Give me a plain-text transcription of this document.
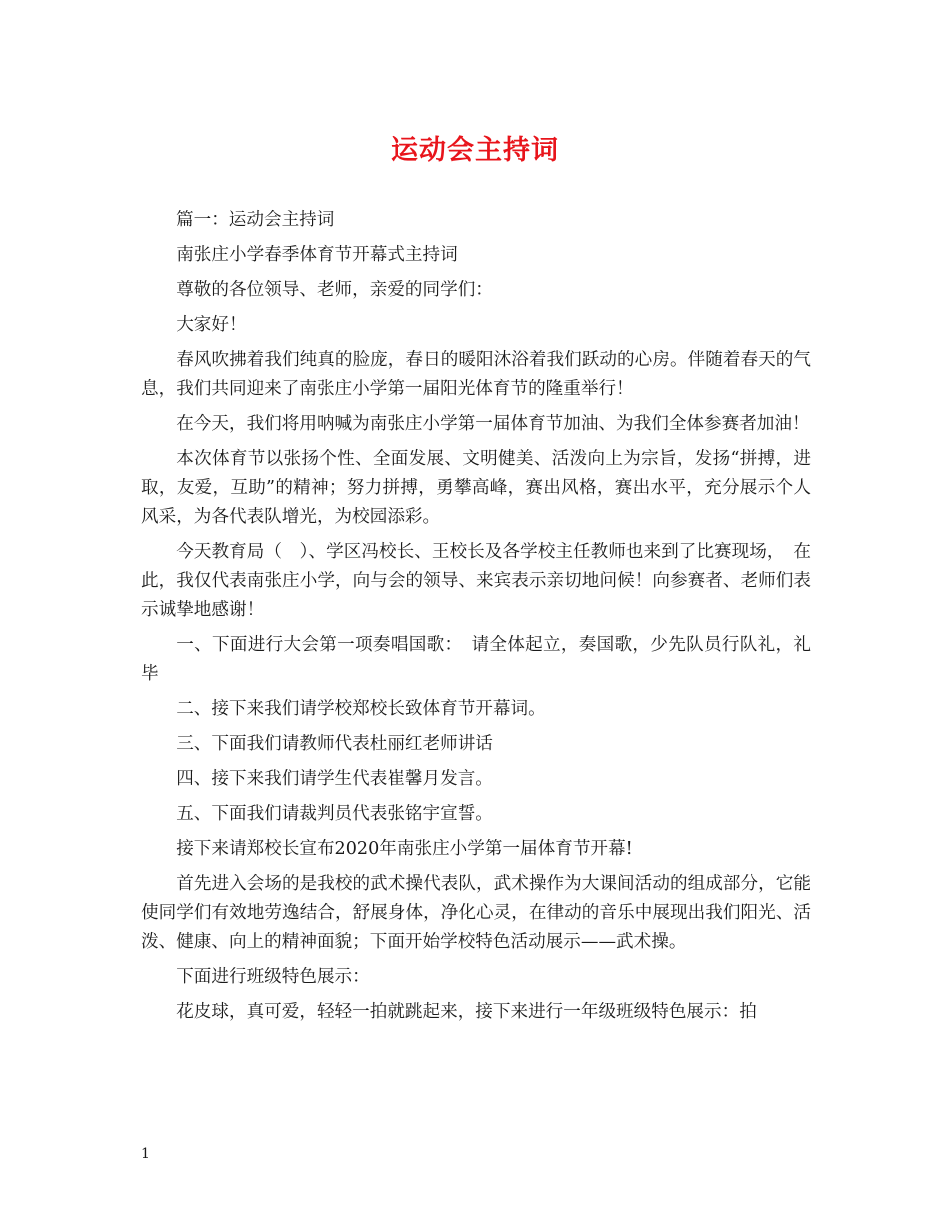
运动会主持词

篇一：运动会主持词

南张庄小学春季体育节开幕式主持词

尊敬的各位领导、老师，亲爱的同学们：

大家好！

春风吹拂着我们纯真的脸庞，春日的暖阳沐浴着我们跃动的心房。伴随着春天的气息，我们共同迎来了南张庄小学第一届阳光体育节的隆重举行！

在今天，我们将用呐喊为南张庄小学第一届体育节加油、为我们全体参赛者加油！

本次体育节以张扬个性、全面发展、文明健美、活泼向上为宗旨，发扬“拼搏，进取，友爱，互助”的精神；努力拼搏，勇攀高峰，赛出风格，赛出水平，充分展示个人风采，为各代表队增光，为校园添彩。

今天教育局（　）、学区冯校长、王校长及各学校主任教师也来到了比赛现场，　在此，我仅代表南张庄小学，向与会的领导、来宾表示亲切地问候！向参赛者、老师们表示诚挚地感谢！

一、下面进行大会第一项奏唱国歌：　请全体起立，奏国歌，少先队员行队礼，礼毕

二、接下来我们请学校郑校长致体育节开幕词。

三、下面我们请教师代表杜丽红老师讲话

四、接下来我们请学生代表崔馨月发言。

五、下面我们请裁判员代表张铭宇宣誓。

接下来请郑校长宣布2020年南张庄小学第一届体育节开幕!

首先进入会场的是我校的武术操代表队，武术操作为大课间活动的组成部分，它能使同学们有效地劳逸结合，舒展身体，净化心灵，在律动的音乐中展现出我们阳光、活泼、健康、向上的精神面貌；下面开始学校特色活动展示——武术操。

下面进行班级特色展示：

花皮球，真可爱，轻轻一拍就跳起来，接下来进行一年级班级特色展示：拍

1
